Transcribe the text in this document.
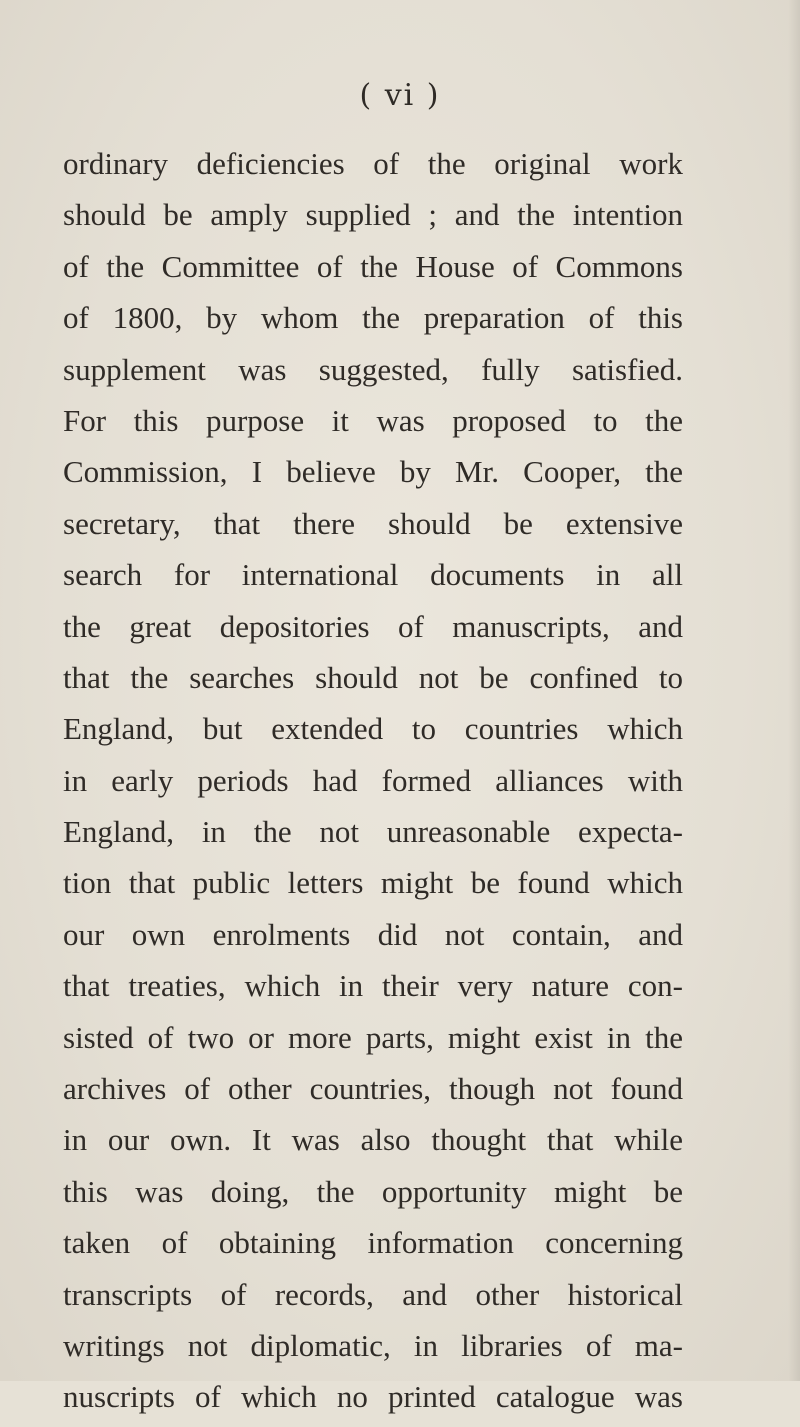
( vi )
ordinary deficiencies of the original work
should be amply supplied ; and the intention
of the Committee of the House of Commons
of 1800, by whom the preparation of this
supplement was suggested, fully satisfied.
For this purpose it was proposed to the
Commission, I believe by Mr. Cooper, the
secretary, that there should be extensive
search for international documents in all
the great depositories of manuscripts, and
that the searches should not be confined to
England, but extended to countries which
in early periods had formed alliances with
England, in the not unreasonable expecta-
tion that public letters might be found which
our own enrolments did not contain, and
that treaties, which in their very nature con-
sisted of two or more parts, might exist in the
archives of other countries, though not found
in our own. It was also thought that while
this was doing, the opportunity might be
taken of obtaining information concerning
transcripts of records, and other historical
writings not diplomatic, in libraries of ma-
nuscripts of which no printed catalogue was
